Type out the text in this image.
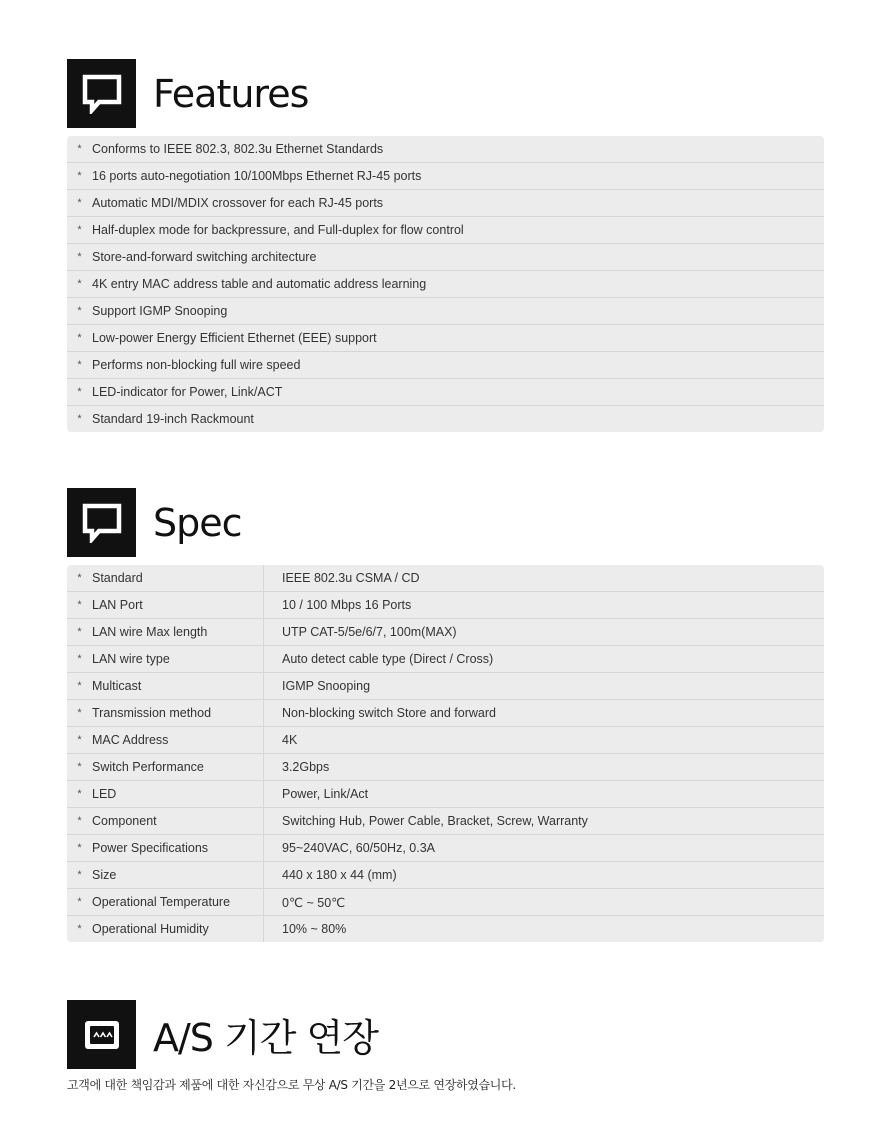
Features
* Conforms to IEEE 802.3, 802.3u Ethernet Standards
* 16 ports auto-negotiation 10/100Mbps Ethernet RJ-45 ports
* Automatic MDI/MDIX crossover for each RJ-45 ports
* Half-duplex mode for backpressure, and Full-duplex for flow control
* Store-and-forward switching architecture
* 4K entry MAC address table and automatic address learning
* Support IGMP Snooping
* Low-power Energy Efficient Ethernet (EEE) support
* Performs non-blocking full wire speed
* LED-indicator for Power, Link/ACT
* Standard 19-inch Rackmount
Spec
* Standard	IEEE 802.3u CSMA / CD
* LAN Port	10 / 100 Mbps 16 Ports
* LAN wire Max length	UTP CAT-5/5e/6/7, 100m(MAX)
* LAN wire type	Auto detect cable type (Direct / Cross)
* Multicast	IGMP Snooping
* Transmission method	Non-blocking switch Store and forward
* MAC Address	4K
* Switch Performance	3.2Gbps
* LED	Power, Link/Act
* Component	Switching Hub, Power Cable, Bracket, Screw, Warranty
* Power Specifications	95~240VAC, 60/50Hz, 0.3A
* Size	440 x 180 x 44 (mm)
* Operational Temperature	0℃ ~ 50℃
* Operational Humidity	10% ~ 80%
A/S 기간 연장
고객에 대한 책임감과 제품에 대한 자신감으로 무상 A/S 기간을 2년으로 연장하였습니다.
